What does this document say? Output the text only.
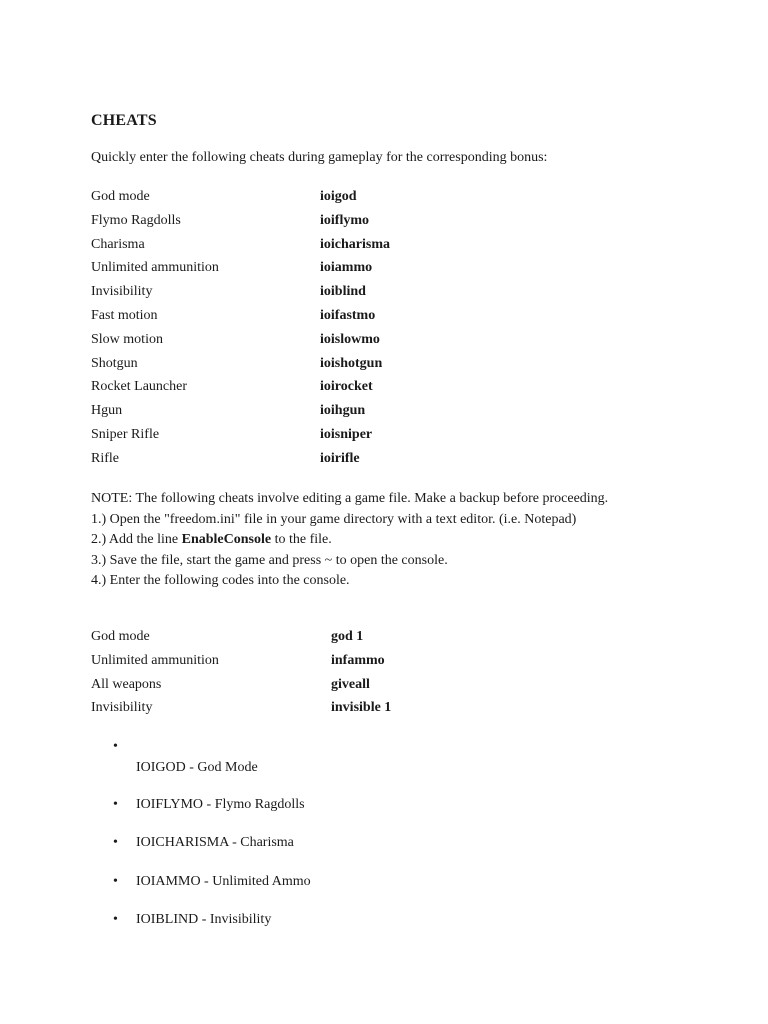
CHEATS
Quickly enter the following cheats during gameplay for the corresponding bonus:
God mode	ioigod
Flymo Ragdolls	ioiflymo
Charisma	ioicharisma
Unlimited ammunition	ioiammo
Invisibility	ioiblind
Fast motion	ioifastmo
Slow motion	ioislowmo
Shotgun	ioishotgun
Rocket Launcher	ioirocket
Hgun	ioihgun
Sniper Rifle	ioisniper
Rifle	ioirifle
NOTE: The following cheats involve editing a game file. Make a backup before proceeding.
1.) Open the "freedom.ini" file in your game directory with a text editor. (i.e. Notepad)
2.) Add the line EnableConsole to the file.
3.) Save the file, start the game and press ~ to open the console.
4.) Enter the following codes into the console.
God mode	god 1
Unlimited ammunition	infammo
All weapons	giveall
Invisibility	invisible 1
•
IOIGOD - God Mode
• IOIFLYMO - Flymo Ragdolls
• IOICHARISMA - Charisma
• IOIAMMO - Unlimited Ammo
• IOIBLIND - Invisibility
